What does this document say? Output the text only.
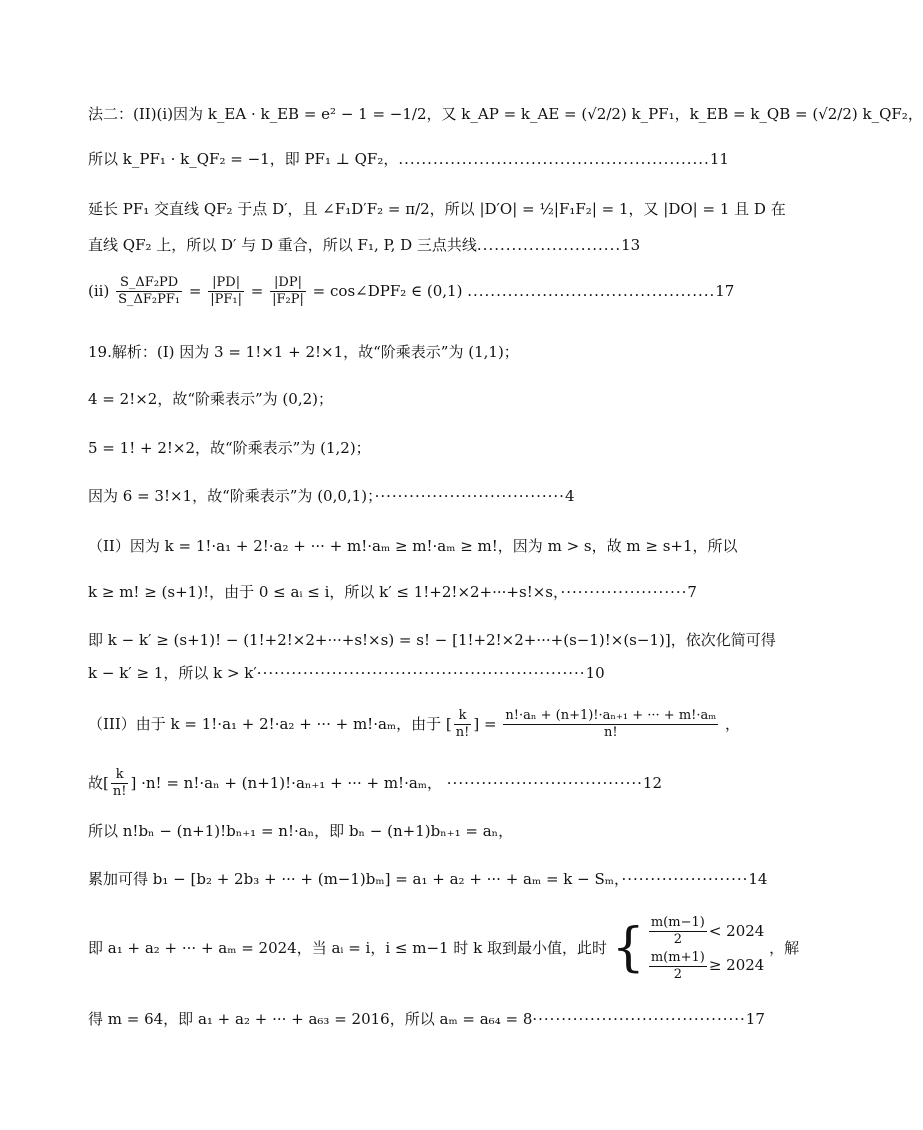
法二：(II)(i)因为 k_EA · k_EB = e² − 1 = −1/2，又 k_AP = k_AE = (√2/2) k_PF₁，k_EB = k_QB = (√2/2) k_QF₂，
所以 k_PF₁ · k_QF₂ = −1，即 PF₁ ⊥ QF₂，......................................................11
延长 PF₁ 交直线 QF₂ 于点 D′，且 ∠F₁D′F₂ = π/2，所以 |D′O| = ½|F₁F₂| = 1，又 |DO| = 1 且 D 在
直线 QF₂ 上，所以 D′ 与 D 重合，所以 F₁, P, D 三点共线.........................13
$(ii) \frac{\text{S\_ΔF₂PD}}{\text{S\_ΔF₂PF₁}} = \frac{|PD|}{\text{|PF₁|}} = \frac{|DP|}{\text{|F₂P|}}$ = cos∠DPF₂ ∈ (0,1) ...........................................17
19.解析：(I) 因为 3 = 1!×1 + 2!×1，故“阶乘表示”为 (1,1)；
4 = 2!×2，故“阶乘表示”为 (0,2)；
5 = 1! + 2!×2，故“阶乘表示”为 (1,2)；
因为 6 = 3!×1，故“阶乘表示”为 (0,0,1)；·································4
（II）因为 k = 1!·a₁ + 2!·a₂ + ··· + m!·aₘ ≥ m!·aₘ ≥ m!，因为 m > s，故 m ≥ s+1，所以
k ≥ m! ≥ (s+1)!，由于 0 ≤ aᵢ ≤ i，所以 k′ ≤ 1!+2!×2+···+s!×s，······················7
即 k − k′ ≥ (s+1)! − (1!+2!×2+···+s!×s) = s! − [1!+2!×2+···+(s−1)!×(s−1)]，依次化简可得
k − k′ ≥ 1，所以 k > k′·························································10
（III）由于 k = 1!·a₁ + 2!·a₂ + ··· + m!·aₘ，由于 [ $\frac{k}{n!}$ ] = $\frac{\text{n!·aₙ + (n+1)!·aₙ₊₁ + ··· + m!·aₘ}}{n!}$ ，
故[ $\frac{k}{n!}$ ] ·n! = n!·aₙ + (n+1)!·aₙ₊₁ + ··· + m!·aₘ， ··································12
所以 n!bₙ − (n+1)!bₙ₊₁ = n!·aₙ，即 bₙ − (n+1)bₙ₊₁ = aₙ，
累加可得 b₁ − [b₂ + 2b₃ + ··· + (m−1)bₘ] = a₁ + a₂ + ··· + aₘ = k − Sₘ，······················14
即 a₁ + a₂ + ··· + aₘ = 2024，当 aᵢ = i，i ≤ m−1 时 k 取到最小值，此时 { $\frac{m(m-1)}{2} < 2024$
$\frac{m(m+1)}{2} \ge 2024$
，解
得 m = 64，即 a₁ + a₂ + ··· + a₆₃ = 2016，所以 aₘ = a₆₄ = 8·····································17
